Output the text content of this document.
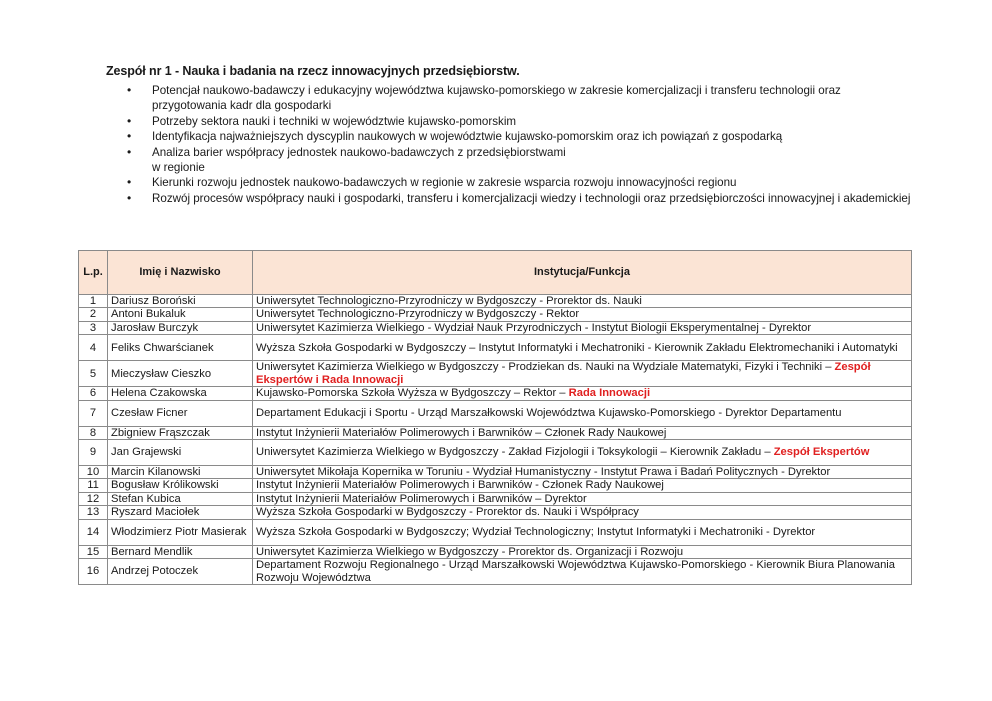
Zespół nr 1 - Nauka i badania na rzecz innowacyjnych przedsiębiorstw.
• Potencjał naukowo-badawczy i edukacyjny województwa kujawsko-pomorskiego w zakresie komercjalizacji i transferu technologii oraz przygotowania kadr dla gospodarki
• Potrzeby sektora nauki i techniki w województwie kujawsko-pomorskim
• Identyfikacja najważniejszych dyscyplin naukowych w województwie kujawsko-pomorskim oraz ich powiązań z gospodarką
• Analiza barier współpracy jednostek naukowo-badawczych z przedsiębiorstwami
w regionie
• Kierunki rozwoju jednostek naukowo-badawczych w regionie w zakresie wsparcia rozwoju innowacyjności regionu
• Rozwój procesów współpracy nauki i gospodarki, transferu i komercjalizacji wiedzy i technologii oraz przedsiębiorczości innowacyjnej i akademickiej
L.p.	Imię i Nazwisko	Instytucja/Funkcja
1	Dariusz Boroński	Uniwersytet Technologiczno-Przyrodniczy w Bydgoszczy - Prorektor ds. Nauki
2	Antoni Bukaluk	Uniwersytet Technologiczno-Przyrodniczy w Bydgoszczy - Rektor
3	Jarosław Burczyk	Uniwersytet Kazimierza Wielkiego - Wydział Nauk Przyrodniczych - Instytut Biologii Eksperymentalnej - Dyrektor
4	Feliks Chwarścianek	Wyższa Szkoła Gospodarki w Bydgoszczy – Instytut Informatyki i Mechatroniki - Kierownik Zakładu Elektromechaniki i Automatyki
5	Mieczysław Cieszko	Uniwersytet Kazimierza Wielkiego w Bydgoszczy - Prodziekan ds. Nauki na Wydziale Matematyki, Fizyki i Techniki – Zespół Ekspertów i Rada Innowacji
6	Helena Czakowska	Kujawsko-Pomorska Szkoła Wyższa w Bydgoszczy – Rektor – Rada Innowacji
7	Czesław Ficner	Departament Edukacji i Sportu - Urząd Marszałkowski Województwa Kujawsko-Pomorskiego - Dyrektor Departamentu
8	Zbigniew Frąszczak	Instytut Inżynierii Materiałów Polimerowych i Barwników – Członek Rady Naukowej
9	Jan Grajewski	Uniwersytet Kazimierza Wielkiego w Bydgoszczy - Zakład Fizjologii i Toksykologii – Kierownik Zakładu – Zespół Ekspertów
10	Marcin Kilanowski	Uniwersytet Mikołaja Kopernika w Toruniu - Wydział Humanistyczny - Instytut Prawa i Badań Politycznych - Dyrektor
11	Bogusław Królikowski	Instytut Inżynierii Materiałów Polimerowych i Barwników - Członek Rady Naukowej
12	Stefan Kubica	Instytut Inżynierii Materiałów Polimerowych i Barwników – Dyrektor
13	Ryszard Maciołek	Wyższa Szkoła Gospodarki w Bydgoszczy - Prorektor ds. Nauki i Współpracy
14	Włodzimierz Piotr Masierak	Wyższa Szkoła Gospodarki w Bydgoszczy; Wydział Technologiczny; Instytut Informatyki i Mechatroniki - Dyrektor
15	Bernard Mendlik	Uniwersytet Kazimierza Wielkiego w Bydgoszczy - Prorektor ds. Organizacji i Rozwoju
16	Andrzej Potoczek	Departament Rozwoju Regionalnego - Urząd Marszałkowski Województwa Kujawsko-Pomorskiego - Kierownik Biura Planowania Rozwoju Województwa
